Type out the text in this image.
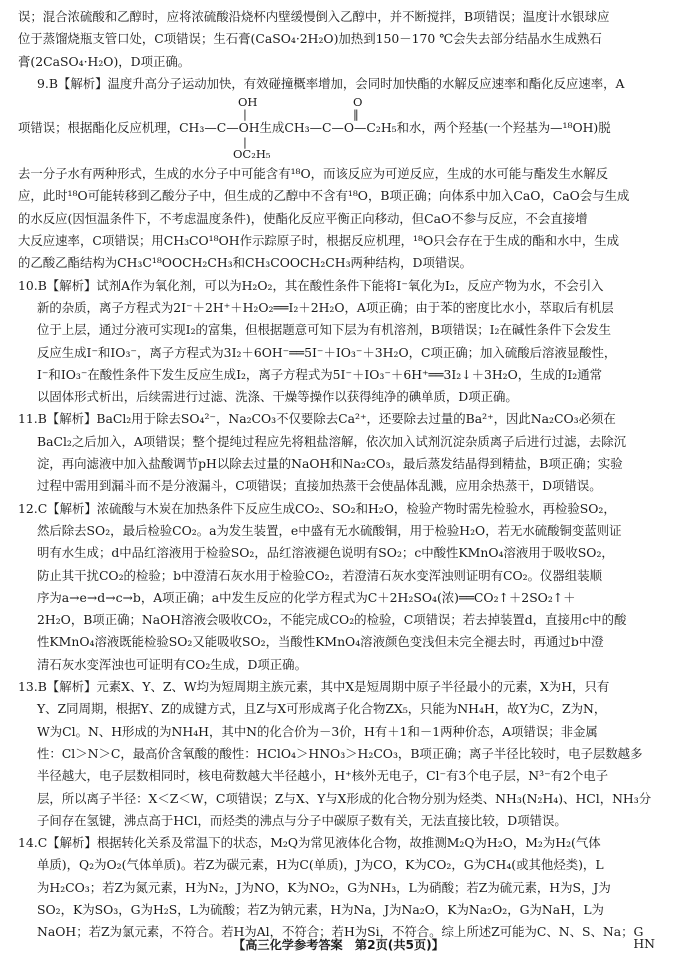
误；混合浓硫酸和乙醇时，应将浓硫酸沿烧杯内壁缓慢倒入乙醇中，并不断搅拌，B项错误；温度计水银球应

位于蒸馏烧瓶支管口处，C项错误；生石膏(CaSO₄·2H₂O)加热到150－170 ℃会失去部分结晶水生成熟石

膏(2CaSO₄·H₂O)，D项正确。

9.B【解析】温度升高分子运动加快，有效碰撞概率增加，会同时加快酯的水解反应速率和酯化反应速率，A

OH
|
O
‖
项错误；根据酯化反应机理，CH₃—C—OH生成CH₃—C—O—C₂H₅和水，两个羟基(一个羟基为—¹⁸OH)脱
|
OC₂H₅

去一分子水有两种形式，生成的水分子中可能含有¹⁸O，而该反应为可逆反应，生成的水可能与酯发生水解反

应，此时¹⁸O可能转移到乙酸分子中，但生成的乙醇中不含有¹⁸O，B项正确；向体系中加入CaO，CaO会与生成

的水反应(因恒温条件下，不考虑温度条件)，使酯化反应平衡正向移动，但CaO不参与反应，不会直接增

大反应速率，C项错误；用CH₃CO¹⁸OH作示踪原子时，根据反应机理，¹⁸O只会存在于生成的酯和水中，生成

的乙酸乙酯结构为CH₃C¹⁸OOCH₂CH₃和CH₃COOCH₂CH₃两种结构，D项错误。

10.B【解析】试剂A作为氧化剂，可以为H₂O₂，其在酸性条件下能将I⁻氧化为I₂，反应产物为水，不会引入

新的杂质，离子方程式为2I⁻＋2H⁺＋H₂O₂══I₂＋2H₂O，A项正确；由于苯的密度比水小，萃取后有机层

位于上层，通过分液可实现I₂的富集，但根据题意可知下层为有机溶剂，B项错误；I₂在碱性条件下会发生

反应生成I⁻和IO₃⁻，离子方程式为3I₂＋6OH⁻══5I⁻＋IO₃⁻＋3H₂O，C项正确；加入硫酸后溶液显酸性，

I⁻和IO₃⁻在酸性条件下发生反应生成I₂，离子方程式为5I⁻＋IO₃⁻＋6H⁺══3I₂↓＋3H₂O，生成的I₂通常

以固体形式析出，后续需进行过滤、洗涤、干燥等操作以获得纯净的碘单质，D项正确。

11.B【解析】BaCl₂用于除去SO₄²⁻，Na₂CO₃不仅要除去Ca²⁺，还要除去过量的Ba²⁺，因此Na₂CO₃必须在

BaCl₂之后加入，A项错误；整个提纯过程应先将粗盐溶解，依次加入试剂沉淀杂质离子后进行过滤，去除沉

淀，再向滤液中加入盐酸调节pH以除去过量的NaOH和Na₂CO₃，最后蒸发结晶得到精盐，B项正确；实验

过程中需用到漏斗而不是分液漏斗，C项错误；直接加热蒸干会使晶体乱溅，应用余热蒸干，D项错误。

12.C【解析】浓硫酸与木炭在加热条件下反应生成CO₂、SO₂和H₂O，检验产物时需先检验水，再检验SO₂，

然后除去SO₂，最后检验CO₂。a为发生装置，e中盛有无水硫酸铜，用于检验H₂O，若无水硫酸铜变蓝则证

明有水生成；d中品红溶液用于检验SO₂，品红溶液褪色说明有SO₂；c中酸性KMnO₄溶液用于吸收SO₂，

防止其干扰CO₂的检验；b中澄清石灰水用于检验CO₂，若澄清石灰水变浑浊则证明有CO₂。仪器组装顺

序为a→e→d→c→b，A项正确；a中发生反应的化学方程式为C＋2H₂SO₄(浓)══CO₂↑＋2SO₂↑＋

2H₂O，B项正确；NaOH溶液会吸收CO₂，不能完成CO₂的检验，C项错误；若去掉装置d，直接用c中的酸

性KMnO₄溶液既能检验SO₂又能吸收SO₂，当酸性KMnO₄溶液颜色变浅但未完全褪去时，再通过b中澄

清石灰水变浑浊也可证明有CO₂生成，D项正确。

13.B【解析】元素X、Y、Z、W均为短周期主族元素，其中X是短周期中原子半径最小的元素，X为H，只有

Y、Z同周期，根据Y、Z的成键方式，且Z与X可形成离子化合物ZX₅，只能为NH₄H，故Y为C，Z为N，

W为Cl。N、H形成的为NH₄H，其中N的化合价为－3价，H有＋1和－1两种价态，A项错误；非金属

性：Cl＞N＞C，最高价含氧酸的酸性：HClO₄＞HNO₃＞H₂CO₃，B项正确；离子半径比较时，电子层数越多

半径越大，电子层数相同时，核电荷数越大半径越小，H⁺核外无电子，Cl⁻有3个电子层，N³⁻有2个电子

层，所以离子半径：X＜Z＜W，C项错误；Z与X、Y与X形成的化合物分别为烃类、NH₃(N₂H₄)、HCl，NH₃分

子间存在氢键，沸点高于HCl，而烃类的沸点与分子中碳原子数有关，无法直接比较，D项错误。

14.C【解析】根据转化关系及常温下的状态，M₂Q为常见液体化合物，故推测M₂Q为H₂O，M₂为H₂(气体

单质)，Q₂为O₂(气体单质)。若Z为碳元素，H为C(单质)，J为CO，K为CO₂，G为CH₄(或其他烃类)，L

为H₂CO₃；若Z为氮元素，H为N₂，J为NO，K为NO₂，G为NH₃，L为硝酸；若Z为硫元素，H为S，J为

SO₂，K为SO₃，G为H₂S，L为硫酸；若Z为钠元素，H为Na，J为Na₂O，K为Na₂O₂，G为NaH，L为

NaOH；若Z为氯元素，不符合。若H为Al，不符合；若H为Si，不符合。综上所述Z可能为C、N、S、Na；G

【高三化学参考答案　第2页(共5页)】	HN
